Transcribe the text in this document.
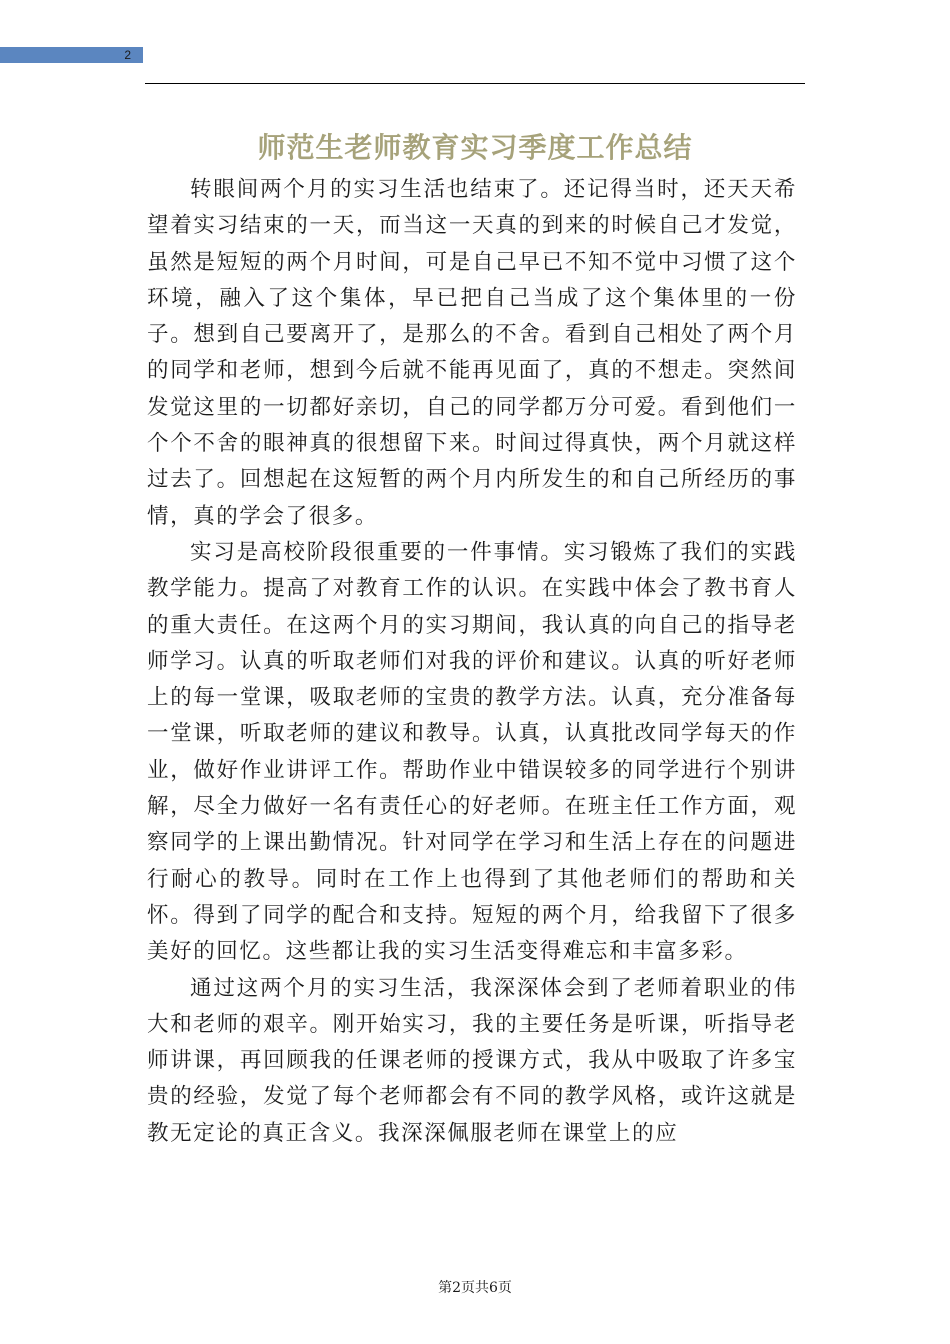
2
师范生老师教育实习季度工作总结

转眼间两个月的实习生活也结束了。还记得当时，还天天希望着实习结束的一天，而当这一天真的到来的时候自己才发觉，虽然是短短的两个月时间，可是自己早已不知不觉中习惯了这个环境，融入了这个集体，早已把自己当成了这个集体里的一份子。想到自己要离开了，是那么的不舍。看到自己相处了两个月的同学和老师，想到今后就不能再见面了，真的不想走。突然间发觉这里的一切都好亲切，自己的同学都万分可爱。看到他们一个个不舍的眼神真的很想留下来。时间过得真快，两个月就这样过去了。回想起在这短暂的两个月内所发生的和自己所经历的事情，真的学会了很多。

实习是高校阶段很重要的一件事情。实习锻炼了我们的实践教学能力。提高了对教育工作的认识。在实践中体会了教书育人的重大责任。在这两个月的实习期间，我认真的向自己的指导老师学习。认真的听取老师们对我的评价和建议。认真的听好老师上的每一堂课，吸取老师的宝贵的教学方法。认真，充分准备每一堂课，听取老师的建议和教导。认真，认真批改同学每天的作业，做好作业讲评工作。帮助作业中错误较多的同学进行个别讲解，尽全力做好一名有责任心的好老师。在班主任工作方面，观察同学的上课出勤情况。针对同学在学习和生活上存在的问题进行耐心的教导。同时在工作上也得到了其他老师们的帮助和关怀。得到了同学的配合和支持。短短的两个月，给我留下了很多美好的回忆。这些都让我的实习生活变得难忘和丰富多彩。

通过这两个月的实习生活，我深深体会到了老师着职业的伟大和老师的艰辛。刚开始实习，我的主要任务是听课，听指导老师讲课，再回顾我的任课老师的授课方式，我从中吸取了许多宝贵的经验，发觉了每个老师都会有不同的教学风格，或许这就是教无定论的真正含义。我深深佩服老师在课堂上的应

第2页共6页
